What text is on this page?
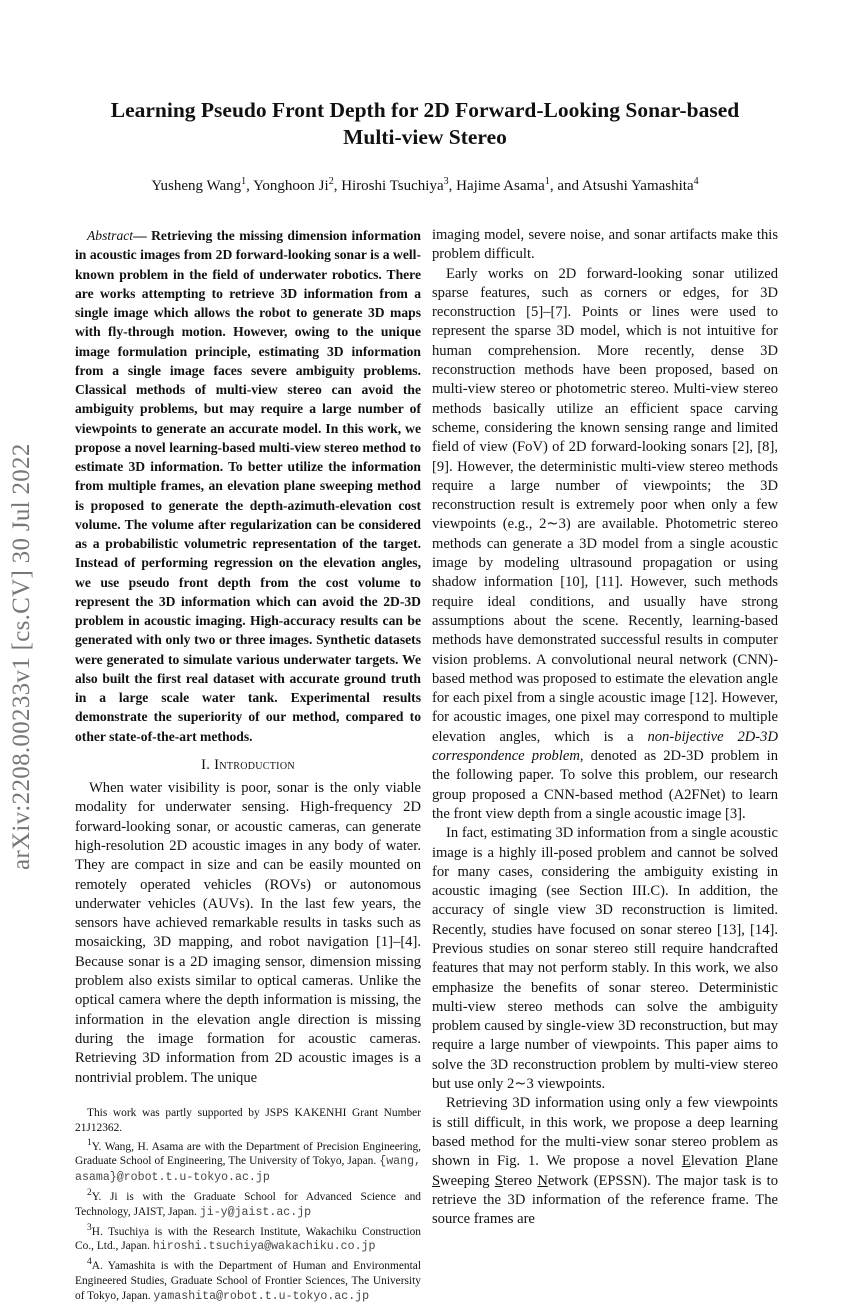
arXiv:2208.00233v1 [cs.CV] 30 Jul 2022
Learning Pseudo Front Depth for 2D Forward-Looking Sonar-based
Multi-view Stereo
Yusheng Wang$^1$, Yonghoon Ji$^2$, Hiroshi Tsuchiya$^3$, Hajime Asama$^1$, and Atsushi Yamashita$^4$

Abstract— Retrieving the missing dimension information in acoustic images from 2D forward-looking sonar is a well-known problem in the field of underwater robotics. There are works attempting to retrieve 3D information from a single image which allows the robot to generate 3D maps with fly-through motion. However, owing to the unique image formulation principle, estimating 3D information from a single image faces severe ambiguity problems. Classical methods of multi-view stereo can avoid the ambiguity problems, but may require a large number of viewpoints to generate an accurate model. In this work, we propose a novel learning-based multi-view stereo method to estimate 3D information. To better utilize the information from multiple frames, an elevation plane sweeping method is proposed to generate the depth-azimuth-elevation cost volume. The volume after regularization can be considered as a probabilistic volumetric representation of the target. Instead of performing regression on the elevation angles, we use pseudo front depth from the cost volume to represent the 3D information which can avoid the 2D-3D problem in acoustic imaging. High-accuracy results can be generated with only two or three images. Synthetic datasets were generated to simulate various underwater targets. We also built the first real dataset with accurate ground truth in a large scale water tank. Experimental results demonstrate the superiority of our method, compared to other state-of-the-art methods.

I. Introduction

When water visibility is poor, sonar is the only viable modality for underwater sensing. High-frequency 2D forward-looking sonar, or acoustic cameras, can generate high-resolution 2D acoustic images in any body of water. They are compact in size and can be easily mounted on remotely operated vehicles (ROVs) or autonomous underwater vehicles (AUVs). In the last few years, the sensors have achieved remarkable results in tasks such as mosaicking, 3D mapping, and robot navigation [1]–[4]. Because sonar is a 2D imaging sensor, dimension missing problem also exists similar to optical cameras. Unlike the optical camera where the depth information is missing, the information in the elevation angle direction is missing during the image formation for acoustic cameras. Retrieving 3D information from 2D acoustic images is a nontrivial problem. The unique

This work was partly supported by JSPS KAKENHI Grant Number 21J12362.

$^1$Y. Wang, H. Asama are with the Department of Precision Engineering, Graduate School of Engineering, The University of Tokyo, Japan. {wang,asama}@robot.t.u-tokyo.ac.jp

$^2$Y. Ji is with the Graduate School for Advanced Science and Technology, JAIST, Japan. ji-y@jaist.ac.jp

$^3$H. Tsuchiya is with the Research Institute, Wakachiku Construction Co., Ltd., Japan. hiroshi.tsuchiya@wakachiku.co.jp

$^4$A. Yamashita is with the Department of Human and Environmental Engineered Studies, Graduate School of Frontier Sciences, The University of Tokyo, Japan. yamashita@robot.t.u-tokyo.ac.jp

imaging model, severe noise, and sonar artifacts make this problem difficult.

Early works on 2D forward-looking sonar utilized sparse features, such as corners or edges, for 3D reconstruction [5]–[7]. Points or lines were used to represent the sparse 3D model, which is not intuitive for human comprehension. More recently, dense 3D reconstruction methods have been proposed, based on multi-view stereo or photometric stereo. Multi-view stereo methods basically utilize an efficient space carving scheme, considering the known sensing range and limited field of view (FoV) of 2D forward-looking sonars [2], [8], [9]. However, the deterministic multi-view stereo methods require a large number of viewpoints; the 3D reconstruction result is extremely poor when only a few viewpoints (e.g., 2∼3) are available. Photometric stereo methods can generate a 3D model from a single acoustic image by modeling ultrasound propagation or using shadow information [10], [11]. However, such methods require ideal conditions, and usually have strong assumptions about the scene. Recently, learning-based methods have demonstrated successful results in computer vision problems. A convolutional neural network (CNN)-based method was proposed to estimate the elevation angle for each pixel from a single acoustic image [12]. However, for acoustic images, one pixel may correspond to multiple elevation angles, which is a non-bijective 2D-3D correspondence problem, denoted as 2D-3D problem in the following paper. To solve this problem, our research group proposed a CNN-based method (A2FNet) to learn the front view depth from a single acoustic image [3].

In fact, estimating 3D information from a single acoustic image is a highly ill-posed problem and cannot be solved for many cases, considering the ambiguity existing in acoustic imaging (see Section III.C). In addition, the accuracy of single view 3D reconstruction is limited. Recently, studies have focused on sonar stereo [13], [14]. Previous studies on sonar stereo still require handcrafted features that may not perform stably. In this work, we also emphasize the benefits of sonar stereo. Deterministic multi-view stereo methods can solve the ambiguity problem caused by single-view 3D reconstruction, but may require a large number of viewpoints. This paper aims to solve the 3D reconstruction problem by multi-view stereo but use only 2∼3 viewpoints.

Retrieving 3D information using only a few viewpoints is still difficult, in this work, we propose a deep learning based method for the multi-view sonar stereo problem as shown in Fig. 1. We propose a novel Elevation Plane Sweeping Stereo Network (EPSSN). The major task is to retrieve the 3D information of the reference frame. The source frames are
